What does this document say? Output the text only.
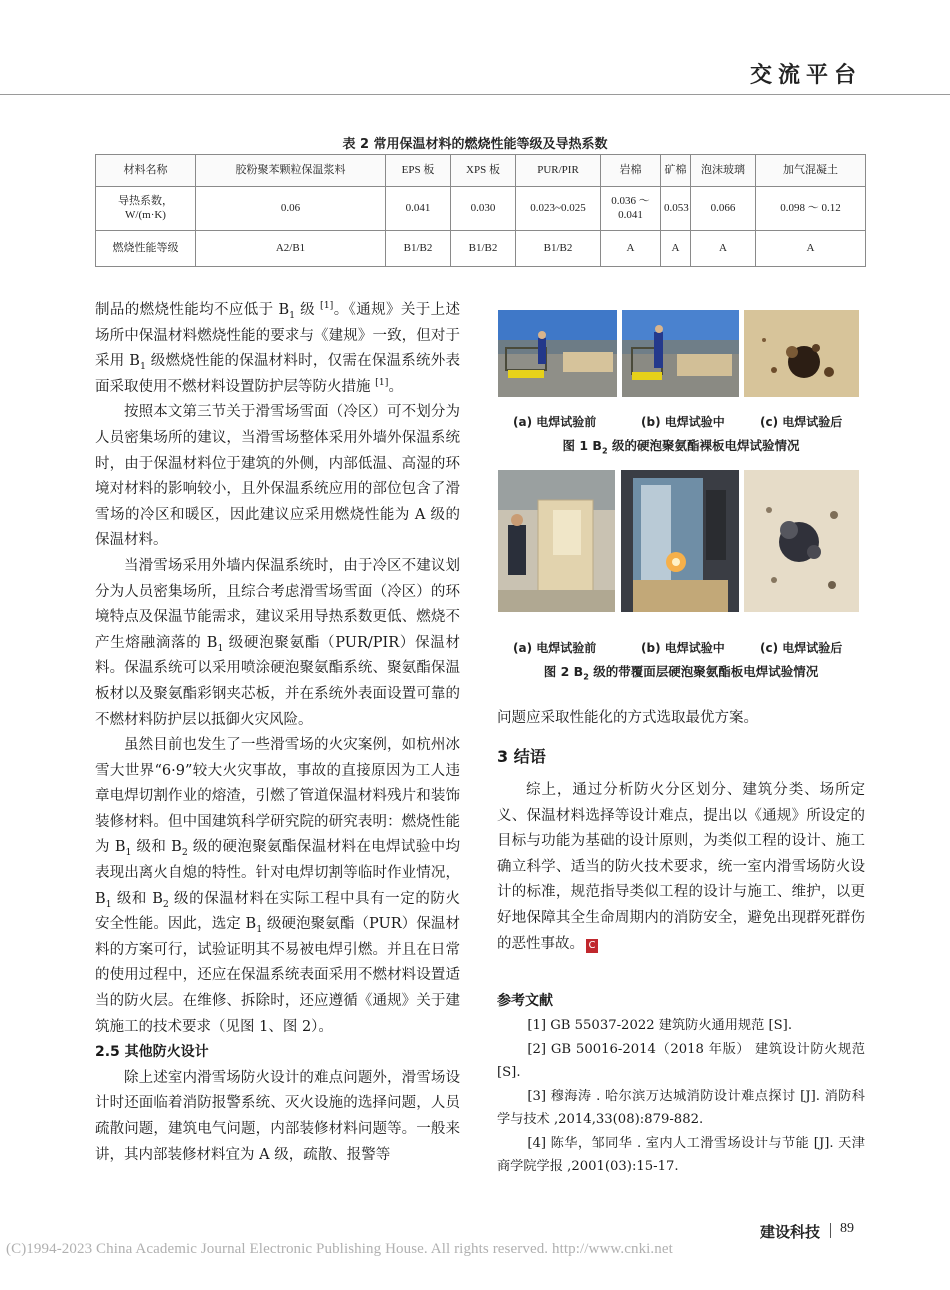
交流平台
表 2 常用保温材料的燃烧性能等级及导热系数
材料名称	胶粉聚苯颗粒保温浆料	EPS 板	XPS 板	PUR/PIR	岩棉	矿棉	泡沫玻璃	加气混凝土
导热系数，W/(m·K)	0.06	0.041	0.030	0.023~0.025	0.036 ～ 0.041	0.053	0.066	0.098 ～ 0.12
燃烧性能等级	A2/B1	B1/B2	B1/B2	B1/B2	A	A	A	A

制品的燃烧性能均不应低于 $B_1$ 级 [1]。《通规》关于上述场所中保温材料燃烧性能的要求与《建规》一致，但对于采用 $B_1$ 级燃烧性能的保温材料时，仅需在保温系统外表面采取使用不燃材料设置防护层等防火措施 [1]。

按照本文第三节关于滑雪场雪面（冷区）可不划分为人员密集场所的建议，当滑雪场整体采用外墙外保温系统时，由于保温材料位于建筑的外侧，内部低温、高湿的环境对材料的影响较小，且外保温系统应用的部位包含了滑雪场的冷区和暖区，因此建议应采用燃烧性能为 A 级的保温材料。

当滑雪场采用外墙内保温系统时，由于冷区不建议划分为人员密集场所，且综合考虑滑雪场雪面（冷区）的环境特点及保温节能需求，建议采用导热系数更低、燃烧不产生熔融滴落的 $B_1$ 级硬泡聚氨酯（PUR/PIR）保温材料。保温系统可以采用喷涂硬泡聚氨酯系统、聚氨酯保温板材以及聚氨酯彩钢夹芯板，并在系统外表面设置可靠的不燃材料防护层以抵御火灾风险。

虽然目前也发生了一些滑雪场的火灾案例，如杭州冰雪大世界“6·9”较大火灾事故，事故的直接原因为工人违章电焊切割作业的熔渣，引燃了管道保温材料残片和装饰装修材料。但中国建筑科学研究院的研究表明：燃烧性能为 $B_1$ 级和 $B_2$ 级的硬泡聚氨酯保温材料在电焊试验中均表现出离火自熄的特性。针对电焊切割等临时作业情况，$B_1$ 级和 $B_2$ 级的保温材料在实际工程中具有一定的防火安全性能。因此，选定 $B_1$ 级硬泡聚氨酯（PUR）保温材料的方案可行，试验证明其不易被电焊引燃。并且在日常的使用过程中，还应在保温系统表面采用不燃材料设置适当的防火层。在维修、拆除时，还应遵循《通规》关于建筑施工的技术要求（见图 1、图 2）。

2.5 其他防火设计

除上述室内滑雪场防火设计的难点问题外，滑雪场设计时还面临着消防报警系统、灭火设施的选择问题，人员疏散问题，建筑电气问题，内部装修材料问题等。一般来讲，其内部装修材料宜为 A 级，疏散、报警等

(a) 电焊试验前	(b) 电焊试验中	(c) 电焊试验后
图 1 $B_2$ 级的硬泡聚氨酯裸板电焊试验情况
(a) 电焊试验前	(b) 电焊试验中	(c) 电焊试验后
图 2 $B_2$ 级的带覆面层硬泡聚氨酯板电焊试验情况

问题应采取性能化的方式选取最优方案。

3 结语

综上，通过分析防火分区划分、建筑分类、场所定义、保温材料选择等设计难点，提出以《通规》所设定的目标与功能为基础的设计原则，为类似工程的设计、施工确立科学、适当的防火技术要求，统一室内滑雪场防火设计的标准，规范指导类似工程的设计与施工、维护，以更好地保障其全生命周期内的消防安全，避免出现群死群伤的恶性事故。 C

参考文献

[1] GB 55037-2022 建筑防火通用规范 [S].

[2] GB 50016-2014（2018 年版） 建筑设计防火规范 [S].

[3] 穆海涛 . 哈尔滨万达城消防设计难点探讨 [J]. 消防科学与技术 ,2014,33(08):879-882.

[4] 陈华，邹同华 . 室内人工滑雪场设计与节能 [J]. 天津商学院学报 ,2001(03):15-17.

建设科技 89
(C)1994-2023 China Academic Journal Electronic Publishing House. All rights reserved. http://www.cnki.net
